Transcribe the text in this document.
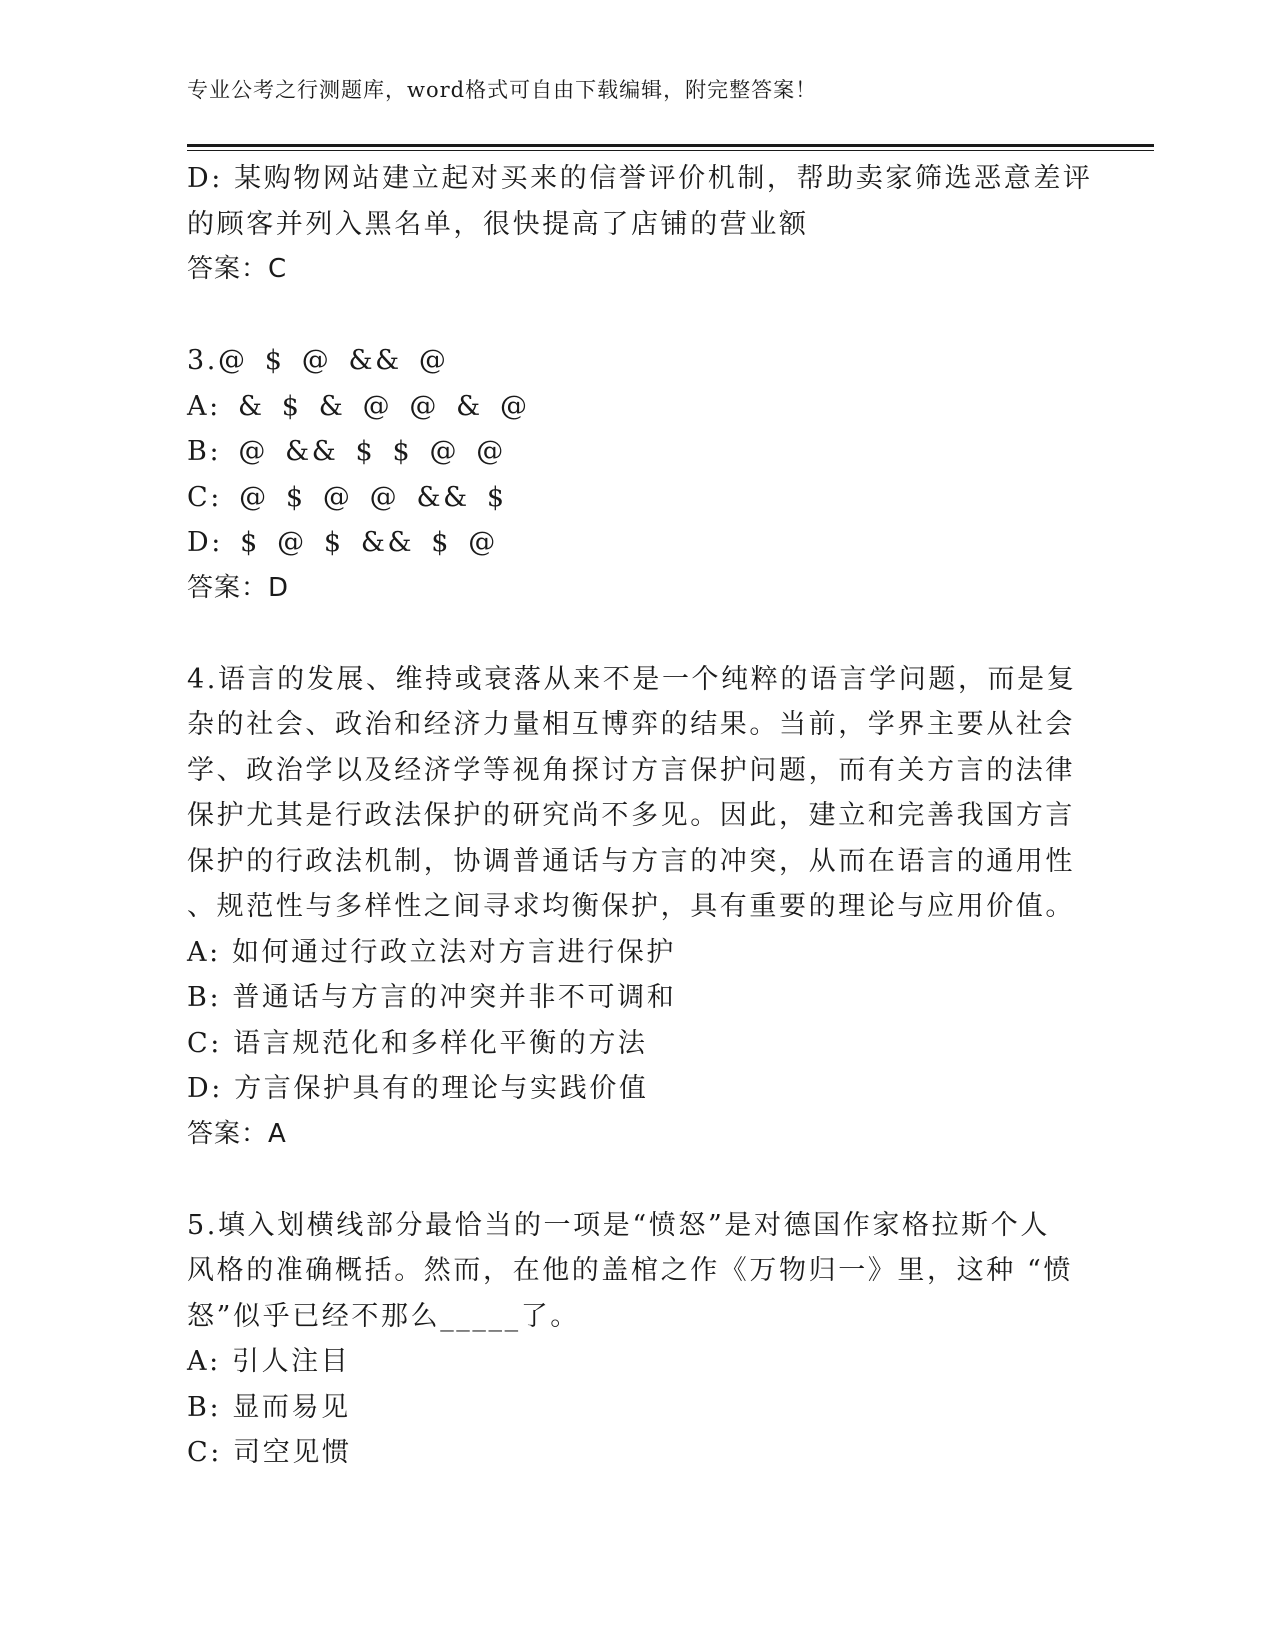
专业公考之行测题库，word格式可自由下载编辑，附完整答案！
D: 某购物网站建立起对买来的信誉评价机制，帮助卖家筛选恶意差评
的顾客并列入黑名单，很快提高了店铺的营业额
答案：C
3.@ $ @ && @
A: & $ & @ @ & @
B: @ && $ $ @ @
C: @ $ @ @ && $
D: $ @ $ && $ @
答案：D
4.语言的发展、维持或衰落从来不是一个纯粹的语言学问题，而是复
杂的社会、政治和经济力量相互博弈的结果。当前，学界主要从社会
学、政治学以及经济学等视角探讨方言保护问题，而有关方言的法律
保护尤其是行政法保护的研究尚不多见。因此，建立和完善我国方言
保护的行政法机制，协调普通话与方言的冲突，从而在语言的通用性
、规范性与多样性之间寻求均衡保护，具有重要的理论与应用价值。
A: 如何通过行政立法对方言进行保护
B: 普通话与方言的冲突并非不可调和
C: 语言规范化和多样化平衡的方法
D: 方言保护具有的理论与实践价值
答案：A
5.填入划横线部分最恰当的一项是“愤怒”是对德国作家格拉斯个人
风格的准确概括。然而，在他的盖棺之作《万物归一》里，这种 “愤
怒”似乎已经不那么_____了。
A: 引人注目
B: 显而易见
C: 司空见惯
